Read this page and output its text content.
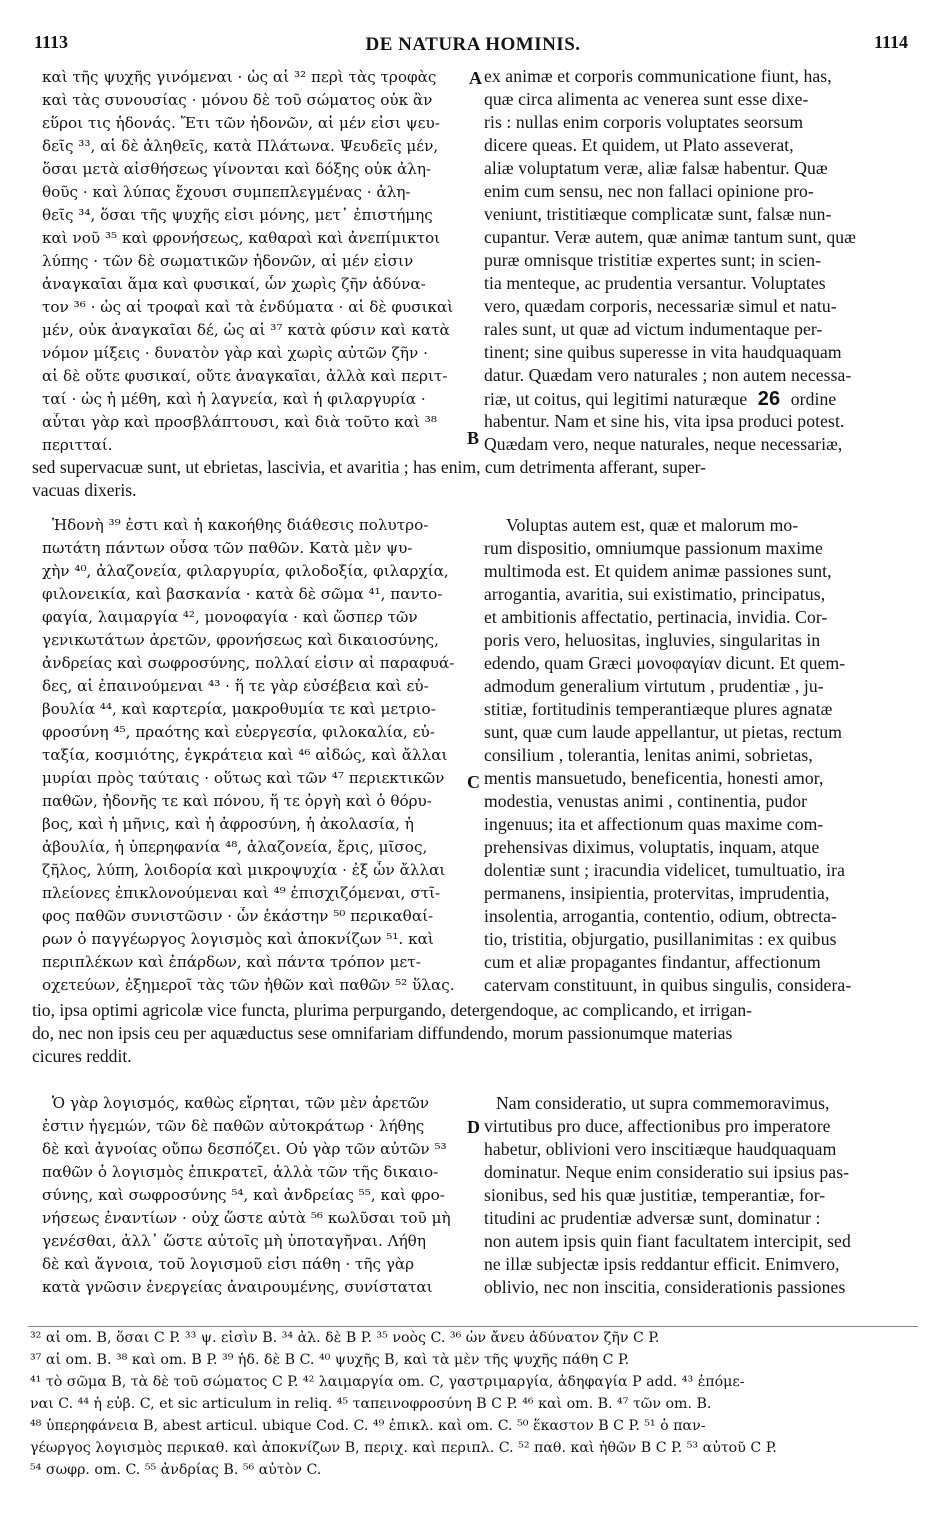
1113	DE NATURA HOMINIS.	1114
καὶ τῆς ψυχῆς γινόμεναι · ὡς αἱ ³² περὶ τὰς τροφὰς
καὶ τὰς συνουσίας · μόνου δὲ τοῦ σώματος οὐκ ἂν
εὕροι τις ἡδονάς. Ἔτι τῶν ἡδονῶν, αἱ μέν εἰσι ψευ-
δεῖς ³³, αἱ δὲ ἀληθεῖς, κατὰ Πλάτωνα. Ψευδεῖς μέν,
ὅσαι μετὰ αἰσθήσεως γίνονται καὶ δόξης οὐκ ἀλη-
θοῦς · καὶ λύπας ἔχουσι συμπεπλεγμένας · ἀλη-
θεῖς ³⁴, ὅσαι τῆς ψυχῆς εἰσι μόνης, μετ᾽ ἐπιστήμης
καὶ νοῦ ³⁵ καὶ φρονήσεως, καθαραὶ καὶ ἀνεπίμικτοι
λύπης · τῶν δὲ σωματικῶν ἡδονῶν, αἱ μέν εἰσιν
ἀναγκαῖαι ἅμα καὶ φυσικαί, ὧν χωρὶς ζῆν ἀδύνα-
τον ³⁶ · ὡς αἱ τροφαὶ καὶ τὰ ἐνδύματα · αἱ δὲ φυσικαὶ
μέν, οὐκ ἀναγκαῖαι δέ, ὡς αἱ ³⁷ κατὰ φύσιν καὶ κατὰ
νόμον μίξεις · δυνατὸν γὰρ καὶ χωρὶς αὐτῶν ζῆν ·
αἱ δὲ οὔτε φυσικαί, οὔτε ἀναγκαῖαι, ἀλλὰ καὶ περιτ-
ταί · ὡς ἡ μέθη, καὶ ἡ λαγνεία, καὶ ἡ φιλαργυρία ·
αὗται γὰρ καὶ προσβλάπτουσι, καὶ διὰ τοῦτο καὶ ³⁸
περιτταί.
A
B
ex animæ et corporis communicatione fiunt, has,
quæ circa alimenta ac venerea sunt esse dixe-
ris : nullas enim corporis voluptates seorsum
dicere queas. Et quidem, ut Plato asseverat,
aliæ voluptatum veræ, aliæ falsæ habentur. Quæ
enim cum sensu, nec non fallaci opinione pro-
veniunt, tristitiæque complicatæ sunt, falsæ nun-
cupantur. Veræ autem, quæ animæ tantum sunt, quæ
puræ omnisque tristitiæ expertes sunt; in scien-
tia menteque, ac prudentia versantur. Voluptates
vero, quædam corporis, necessariæ simul et natu-
rales sunt, ut quæ ad victum indumentaque per-
tinent; sine quibus superesse in vita haudquaquam
datur. Quædam vero naturales ; non autem necessa-
riæ, ut coitus, qui legitimi naturæque 26 ordine
habentur. Nam et sine his, vita ipsa produci potest.
Quædam vero, neque naturales, neque necessariæ,
sed supervacuæ sunt, ut ebrietas, lascivia, et avaritia ; has enim, cum detrimenta afferant, super-
vacuas dixeris.
Ἡδονὴ ³⁹ ἐστι καὶ ἡ κακοήθης διάθεσις πολυτρο-
πωτάτη πάντων οὖσα τῶν παθῶν. Κατὰ μὲν ψυ-
χὴν ⁴⁰, ἀλαζονεία, φιλαργυρία, φιλοδοξία, φιλαρχία,
φιλονεικία, καὶ βασκανία · κατὰ δὲ σῶμα ⁴¹, παντο-
φαγία, λαιμαργία ⁴², μονοφαγία · καὶ ὥσπερ τῶν
γενικωτάτων ἀρετῶν, φρονήσεως καὶ δικαιοσύνης,
ἀνδρείας καὶ σωφροσύνης, πολλαί εἰσιν αἱ παραφυά-
δες, αἱ ἐπαινούμεναι ⁴³ · ἥ τε γὰρ εὐσέβεια καὶ εὐ-
βουλία ⁴⁴, καὶ καρτερία, μακροθυμία τε καὶ μετριο-
φροσύνη ⁴⁵, πραότης καὶ εὐεργεσία, φιλοκαλία, εὐ-
ταξία, κοσμιότης, ἐγκράτεια καὶ ⁴⁶ αἰδώς, καὶ ἄλλαι
μυρίαι πρὸς ταύταις · οὕτως καὶ τῶν ⁴⁷ περιεκτικῶν
παθῶν, ἡδονῆς τε καὶ πόνου, ἥ τε ὀργὴ καὶ ὁ θόρυ-
βος, καὶ ἡ μῆνις, καὶ ἡ ἀφροσύνη, ἡ ἀκολασία, ἡ
ἀβουλία, ἡ ὑπερηφανία ⁴⁸, ἀλαζονεία, ἔρις, μῖσος,
ζῆλος, λύπη, λοιδορία καὶ μικροψυχία · ἐξ ὧν ἄλλαι
πλείονες ἐπικλονούμεναι καὶ ⁴⁹ ἐπισχιζόμεναι, στῖ-
φος παθῶν συνιστῶσιν · ὧν ἑκάστην ⁵⁰ περικαθαί-
ρων ὁ παγγέωργος λογισμὸς καὶ ἀποκνίζων ⁵¹. καὶ
περιπλέκων καὶ ἐπάρδων, καὶ πάντα τρόπον μετ-
οχετεύων, ἐξημεροῖ τὰς τῶν ἠθῶν καὶ παθῶν ⁵² ὕλας.
C
Voluptas autem est, quæ et malorum mo-
rum dispositio, omniumque passionum maxime
multimoda est. Et quidem animæ passiones sunt,
arrogantia, avaritia, sui existimatio, principatus,
et ambitionis affectatio, pertinacia, invidia. Cor-
poris vero, heluositas, ingluvies, singularitas in
edendo, quam Græci μονοφαγίαν dicunt. Et quem-
admodum generalium virtutum , prudentiæ , ju-
stitiæ, fortitudinis temperantiæque plures agnatæ
sunt, quæ cum laude appellantur, ut pietas, rectum
consilium , tolerantia, lenitas animi, sobrietas,
mentis mansuetudo, beneficentia, honesti amor,
modestia, venustas animi , continentia, pudor
ingenuus; ita et affectionum quas maxime com-
prehensivas diximus, voluptatis, inquam, atque
dolentiæ sunt ; iracundia videlicet, tumultuatio, ira
permanens, insipientia, protervitas, imprudentia,
insolentia, arrogantia, contentio, odium, obtrecta-
tio, tristitia, objurgatio, pusillanimitas : ex quibus
cum et aliæ propagantes findantur, affectionum
catervam constituunt, in quibus singulis, considera-
tio, ipsa optimi agricolæ vice functa, plurima perpurgando, detergendoque, ac complicando, et irrigan-
do, nec non ipsis ceu per aquæductus sese omnifariam diffundendo, morum passionumque materias
cicures reddit.
Ὁ γὰρ λογισμός, καθὼς εἴρηται, τῶν μὲν ἀρετῶν
ἐστιν ἡγεμών, τῶν δὲ παθῶν αὐτοκράτωρ · λήθης
δὲ καὶ ἀγνοίας οὔπω δεσπόζει. Οὐ γὰρ τῶν αὐτῶν ⁵³
παθῶν ὁ λογισμὸς ἐπικρατεῖ, ἀλλὰ τῶν τῆς δικαιο-
σύνης, καὶ σωφροσύνης ⁵⁴, καὶ ἀνδρείας ⁵⁵, καὶ φρο-
νήσεως ἐναντίων · οὐχ ὥστε αὐτὰ ⁵⁶ κωλῦσαι τοῦ μὴ
γενέσθαι, ἀλλ᾽ ὥστε αὐτοῖς μὴ ὑποταγῆναι. Λήθη
δὲ καὶ ἄγνοια, τοῦ λογισμοῦ εἰσι πάθη · τῆς γὰρ
κατὰ γνῶσιν ἐνεργείας ἀναιρουμένης, συνίσταται
D
Nam consideratio, ut supra commemoravimus,
virtutibus pro duce, affectionibus pro imperatore
habetur, oblivioni vero inscitiæque haudquaquam
dominatur. Neque enim consideratio sui ipsius pas-
sionibus, sed his quæ justitiæ, temperantiæ, for-
titudini ac prudentiæ adversæ sunt, dominatur :
non autem ipsis quin fiant facultatem intercipit, sed
ne illæ subjectæ ipsis reddantur efficit. Enimvero,
oblivio, nec non inscitia, considerationis passiones
³² αἱ om. B, ὅσαι C P. ³³ ψ. εἰσὶν B. ³⁴ ἀλ. δὲ B P. ³⁵ νοὸς C. ³⁶ ὧν ἄνευ ἀδύνατον ζῆν C P.
³⁷ αἱ om. B. ³⁸ καὶ om. B P. ³⁹ ἡδ. δὲ B C. ⁴⁰ ψυχῆς B, καὶ τὰ μὲν τῆς ψυχῆς πάθη C P.
⁴¹ τὸ σῶμα B, τὰ δὲ τοῦ σώματος C P. ⁴² λαιμαργία om. C, γαστριμαργία, ἀδηφαγία P add. ⁴³ ἑπόμε-
ναι C. ⁴⁴ ἡ εὐβ. C, et sic articulum in reliq. ⁴⁵ ταπεινοφροσύνη B C P. ⁴⁶ καὶ om. B. ⁴⁷ τῶν om. B.
⁴⁸ ὑπερηφάνεια B, abest articul. ubique Cod. C. ⁴⁹ ἐπικλ. καὶ om. C. ⁵⁰ ἕκαστον B C P. ⁵¹ ὁ παν-
γέωργος λογισμὸς περικαθ. καὶ ἀποκνίζων B, περιχ. καὶ περιπλ. C. ⁵² παθ. καὶ ἠθῶν B C P. ⁵³ αὐτοῦ C P.
⁵⁴ σωφρ. om. C. ⁵⁵ ἀνδρίας B. ⁵⁶ αὐτὸν C.
